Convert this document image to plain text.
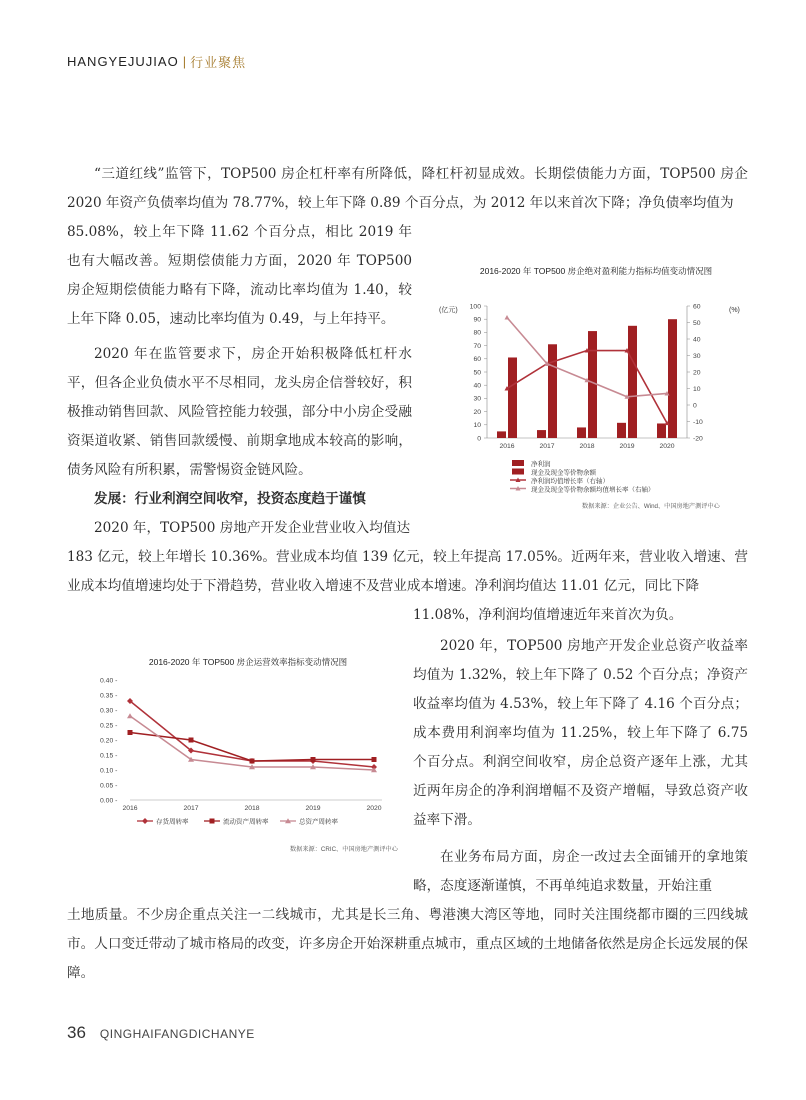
HANGYEJUJIAO | 行业聚焦

“三道红线”监管下，TOP500 房企杠杆率有所降低，降杠杆初显成效。长期偿债能力方面，TOP500 房企 2020 年资产负债率均值为 78.77%，较上年下降 0.89 个百分点，为 2012 年以来首次下降；净负债率均值为

85.08%，较上年下降 11.62 个百分点，相比 2019 年也有大幅改善。短期偿债能力方面，2020 年 TOP500 房企短期偿债能力略有下降，流动比率均值为 1.40，较上年下降 0.05，速动比率均值为 0.49，与上年持平。

2020 年在监管要求下，房企开始积极降低杠杆水平，但各企业负债水平不尽相同，龙头房企信誉较好，积极推动销售回款、风险管控能力较强，部分中小房企受融资渠道收紧、销售回款缓慢、前期拿地成本较高的影响，债务风险有所积累，需警惕资金链风险。

发展：行业利润空间收窄，投资态度趋于谨慎

2020 年，TOP500 房地产开发企业营业收入均值达

183 亿元，较上年增长 10.36%。营业成本均值 139 亿元，较上年提高 17.05%。近两年来，营业收入增速、营业成本均值增速均处于下滑趋势，营业收入增速不及营业成本增速。净利润均值达 11.01 亿元，同比下降

11.08%，净利润均值增速近年来首次为负。

2020 年，TOP500 房地产开发企业总资产收益率均值为 1.32%，较上年下降了 0.52 个百分点；净资产收益率均值为 4.53%，较上年下降了 4.16 个百分点；成本费用利润率均值为 11.25%，较上年下降了 6.75 个百分点。利润空间收窄，房企总资产逐年上涨，尤其近两年房企的净利润增幅不及资产增幅，导致总资产收益率下滑。

在业务布局方面，房企一改过去全面铺开的拿地策略，态度逐渐谨慎，不再单纯追求数量，开始注重

土地质量。不少房企重点关注一二线城市，尤其是长三角、粤港澳大湾区等地，同时关注围绕都市圈的三四线城市。人口变迁带动了城市格局的改变，许多房企开始深耕重点城市，重点区域的土地储备依然是房企长远发展的保障。

2016-2020 年 TOP500 房企绝对盈利能力指标均值变动情况图
(亿元)	(%)
0
10
20
30
40
50
60
70
80
90
100
-20
-10
0
10
20
30
40
50
60
2016	2017	2018	2019	2020
净利润
现金及现金等价物余额
净利润均值增长率（右轴）
现金及现金等价物余额均值增长率（右轴）
数据来源：企业公告、Wind、中国房地产测评中心
2016-2020 年 TOP500 房企运营效率指标变动情况图
0.00 -
0.05 -
0.10 -
0.15 -
0.20 -
0.25 -
0.30 -
0.35 -
0.40 -
2016	2017	2018	2019	2020
存货周转率	流动资产周转率	总资产周转率
数据来源：CRIC、中国房地产测评中心
36 QINGHAIFANGDICHANYE
